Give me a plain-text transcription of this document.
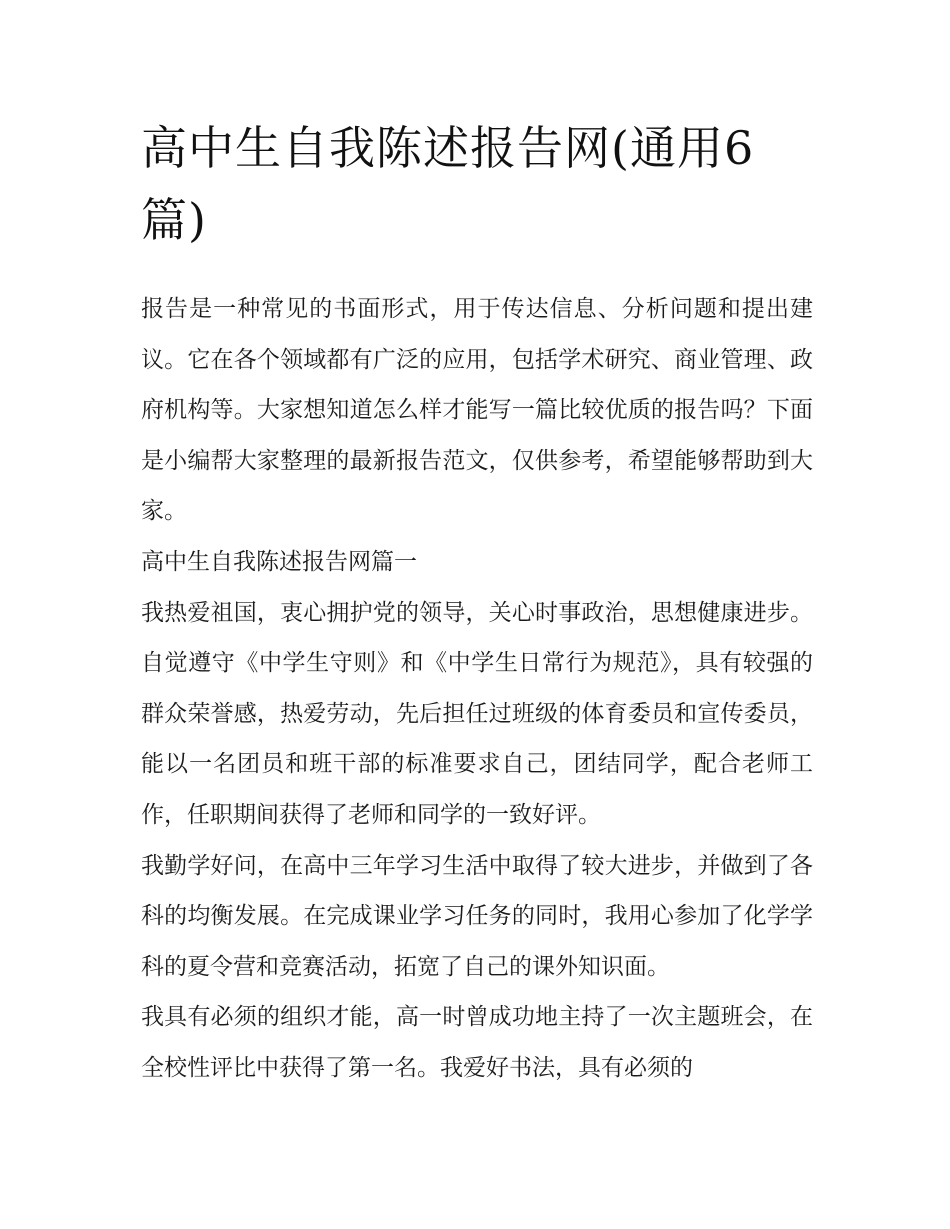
高中生自我陈述报告网(通用6篇)

报告是一种常见的书面形式，用于传达信息、分析问题和提出建议。它在各个领域都有广泛的应用，包括学术研究、商业管理、政府机构等。大家想知道怎么样才能写一篇比较优质的报告吗？下面是小编帮大家整理的最新报告范文，仅供参考，希望能够帮助到大家。

高中生自我陈述报告网篇一

我热爱祖国，衷心拥护党的领导，关心时事政治，思想健康进步。自觉遵守《中学生守则》和《中学生日常行为规范》，具有较强的群众荣誉感，热爱劳动，先后担任过班级的体育委员和宣传委员，能以一名团员和班干部的标准要求自己，团结同学，配合老师工作，任职期间获得了老师和同学的一致好评。

我勤学好问，在高中三年学习生活中取得了较大进步，并做到了各科的均衡发展。在完成课业学习任务的同时，我用心参加了化学学科的夏令营和竞赛活动，拓宽了自己的课外知识面。

我具有必须的组织才能，高一时曾成功地主持了一次主题班会，在全校性评比中获得了第一名。我爱好书法，具有必须的
